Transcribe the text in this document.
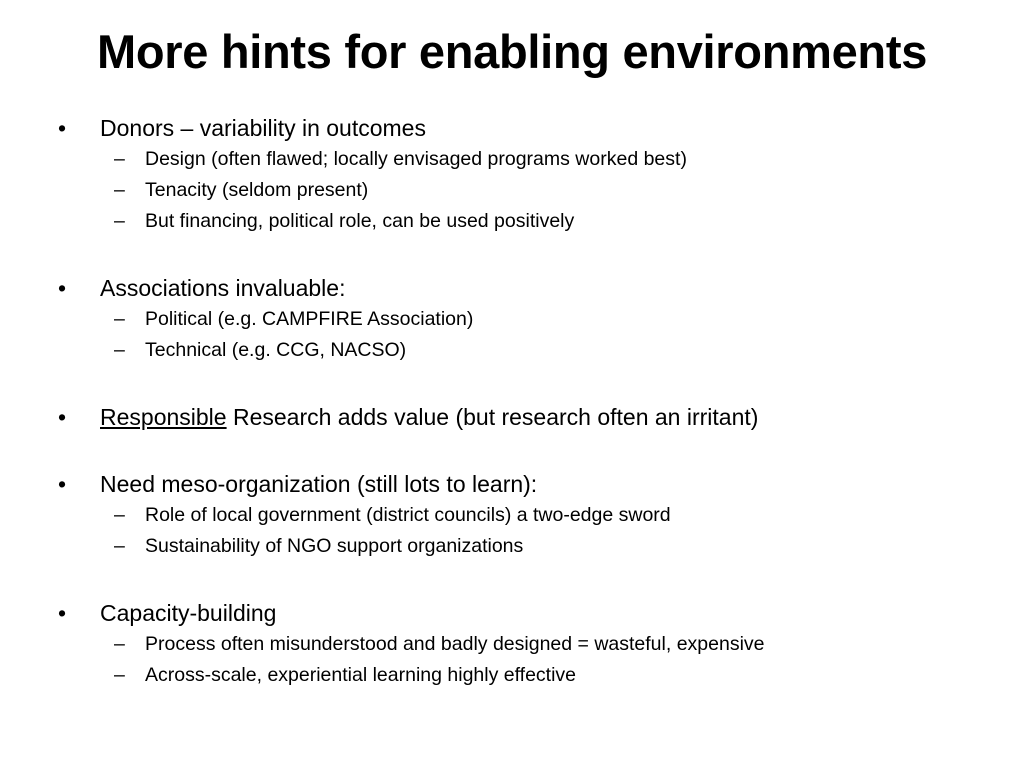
More hints for enabling environments
•	Donors – variability in outcomes
– Design (often flawed; locally envisaged programs worked best)
– Tenacity (seldom present)
– But financing, political role, can be used positively
•	Associations invaluable:
– Political (e.g. CAMPFIRE Association)
– Technical (e.g. CCG, NACSO)
•	Responsible Research adds value (but research often an irritant)
•	Need meso-organization (still lots to learn):
– Role of local government (district councils) a two-edge sword
– Sustainability of NGO support organizations
•	Capacity-building
– Process often misunderstood and badly designed = wasteful, expensive
– Across-scale, experiential learning highly effective
